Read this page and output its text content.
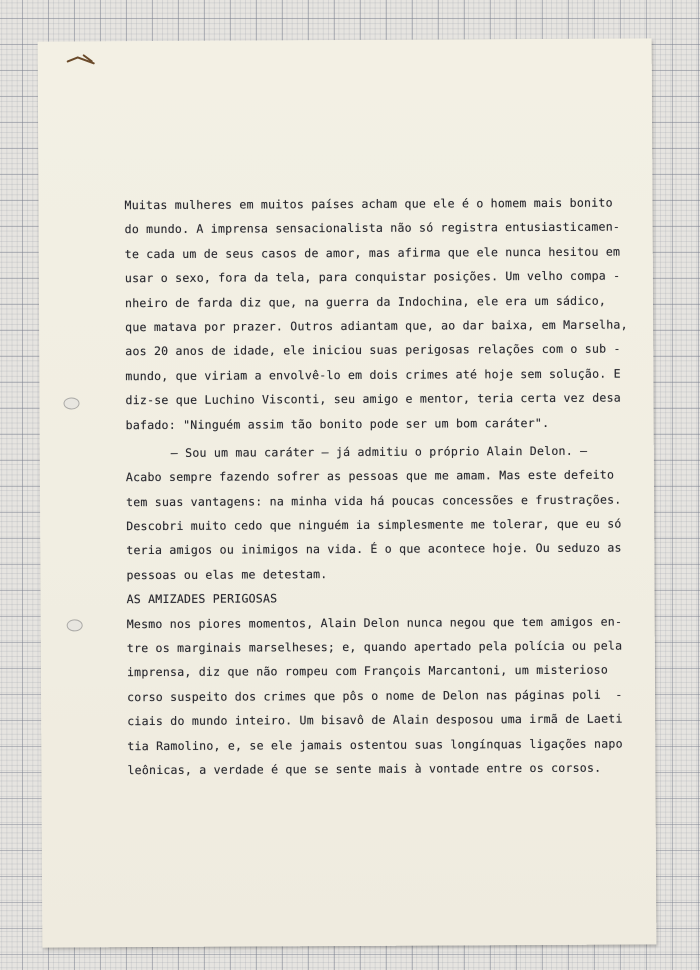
Muitas mulheres em muitos países acham que ele é o homem mais bonito
do mundo. A imprensa sensacionalista não só registra entusiasticamen-
te cada um de seus casos de amor, mas afirma que ele nunca hesitou em
usar o sexo, fora da tela, para conquistar posições. Um velho compa -
nheiro de farda diz que, na guerra da Indochina, ele era um sádico,
que matava por prazer. Outros adiantam que, ao dar baixa, em Marselha,
aos 20 anos de idade, ele iniciou suas perigosas relações com o sub -
mundo, que viriam a envolvê-lo em dois crimes até hoje sem solução. E
diz-se que Luchino Visconti, seu amigo e mentor, teria certa vez desa
bafado: "Ninguém assim tão bonito pode ser um bom caráter".
— Sou um mau caráter — já admitiu o próprio Alain Delon. —
Acabo sempre fazendo sofrer as pessoas que me amam. Mas este defeito
tem suas vantagens: na minha vida há poucas concessões e frustrações.
Descobri muito cedo que ninguém ia simplesmente me tolerar, que eu só
teria amigos ou inimigos na vida. É o que acontece hoje. Ou seduzo as
pessoas ou elas me detestam.
AS AMIZADES PERIGOSAS
Mesmo nos piores momentos, Alain Delon nunca negou que tem amigos en-
tre os marginais marselheses; e, quando apertado pela polícia ou pela
imprensa, diz que não rompeu com François Marcantoni, um misterioso
corso suspeito dos crimes que pôs o nome de Delon nas páginas poli  -
ciais do mundo inteiro. Um bisavô de Alain desposou uma irmã de Laeti
tia Ramolino, e, se ele jamais ostentou suas longínquas ligações napo
leônicas, a verdade é que se sente mais à vontade entre os corsos.
